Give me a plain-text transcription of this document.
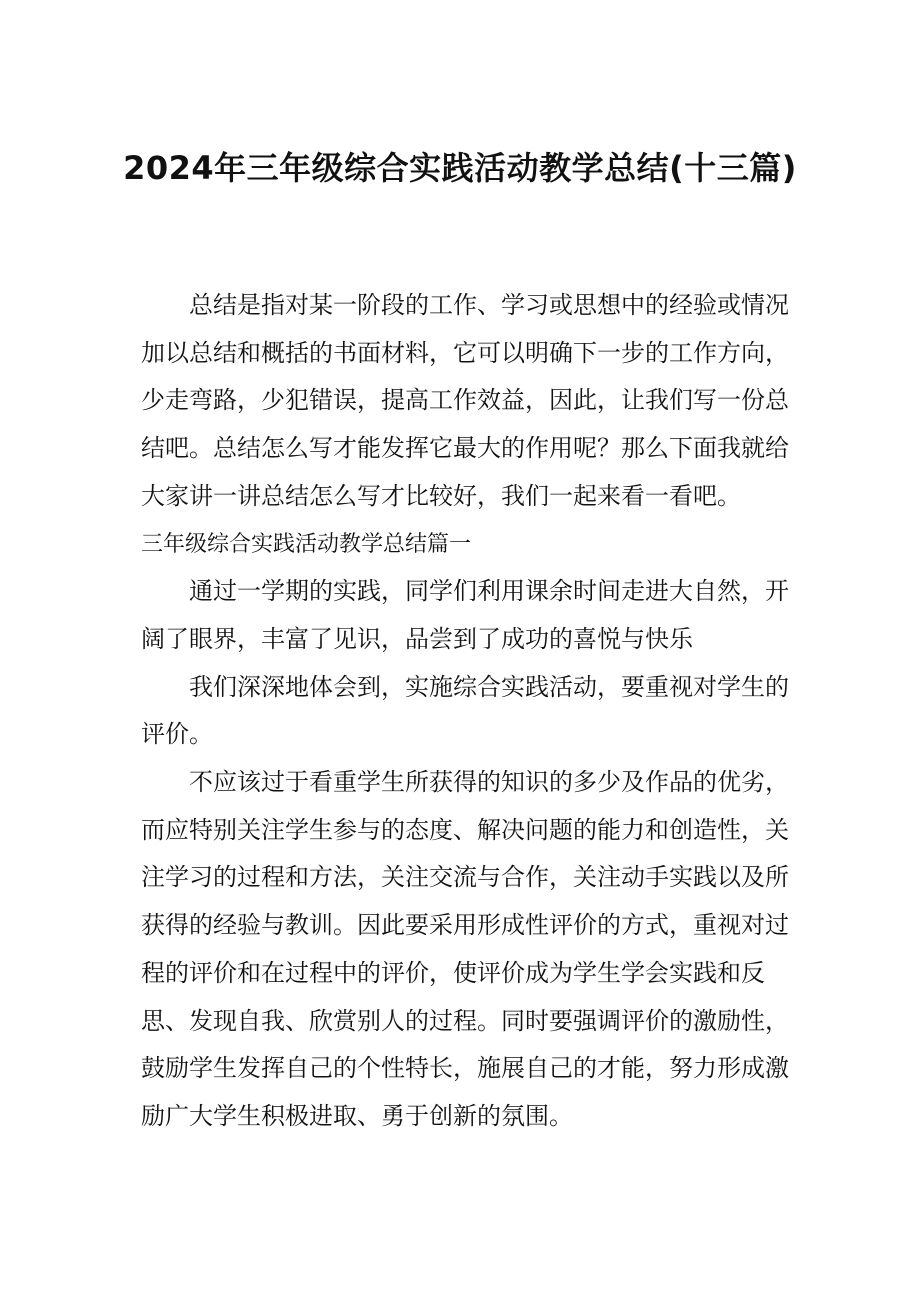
2024年三年级综合实践活动教学总结(十三篇)

总结是指对某一阶段的工作、学习或思想中的经验或情况加以总结和概括的书面材料，它可以明确下一步的工作方向，少走弯路，少犯错误，提高工作效益，因此，让我们写一份总结吧。总结怎么写才能发挥它最大的作用呢？那么下面我就给大家讲一讲总结怎么写才比较好，我们一起来看一看吧。

三年级综合实践活动教学总结篇一

通过一学期的实践，同学们利用课余时间走进大自然，开阔了眼界，丰富了见识，品尝到了成功的喜悦与快乐

我们深深地体会到，实施综合实践活动，要重视对学生的评价。

不应该过于看重学生所获得的知识的多少及作品的优劣，而应特别关注学生参与的态度、解决问题的能力和创造性，关注学习的过程和方法，关注交流与合作，关注动手实践以及所获得的经验与教训。因此要采用形成性评价的方式，重视对过程的评价和在过程中的评价，使评价成为学生学会实践和反思、发现自我、欣赏别人的过程。同时要强调评价的激励性，鼓励学生发挥自己的个性特长，施展自己的才能，努力形成激励广大学生积极进取、勇于创新的氛围。
